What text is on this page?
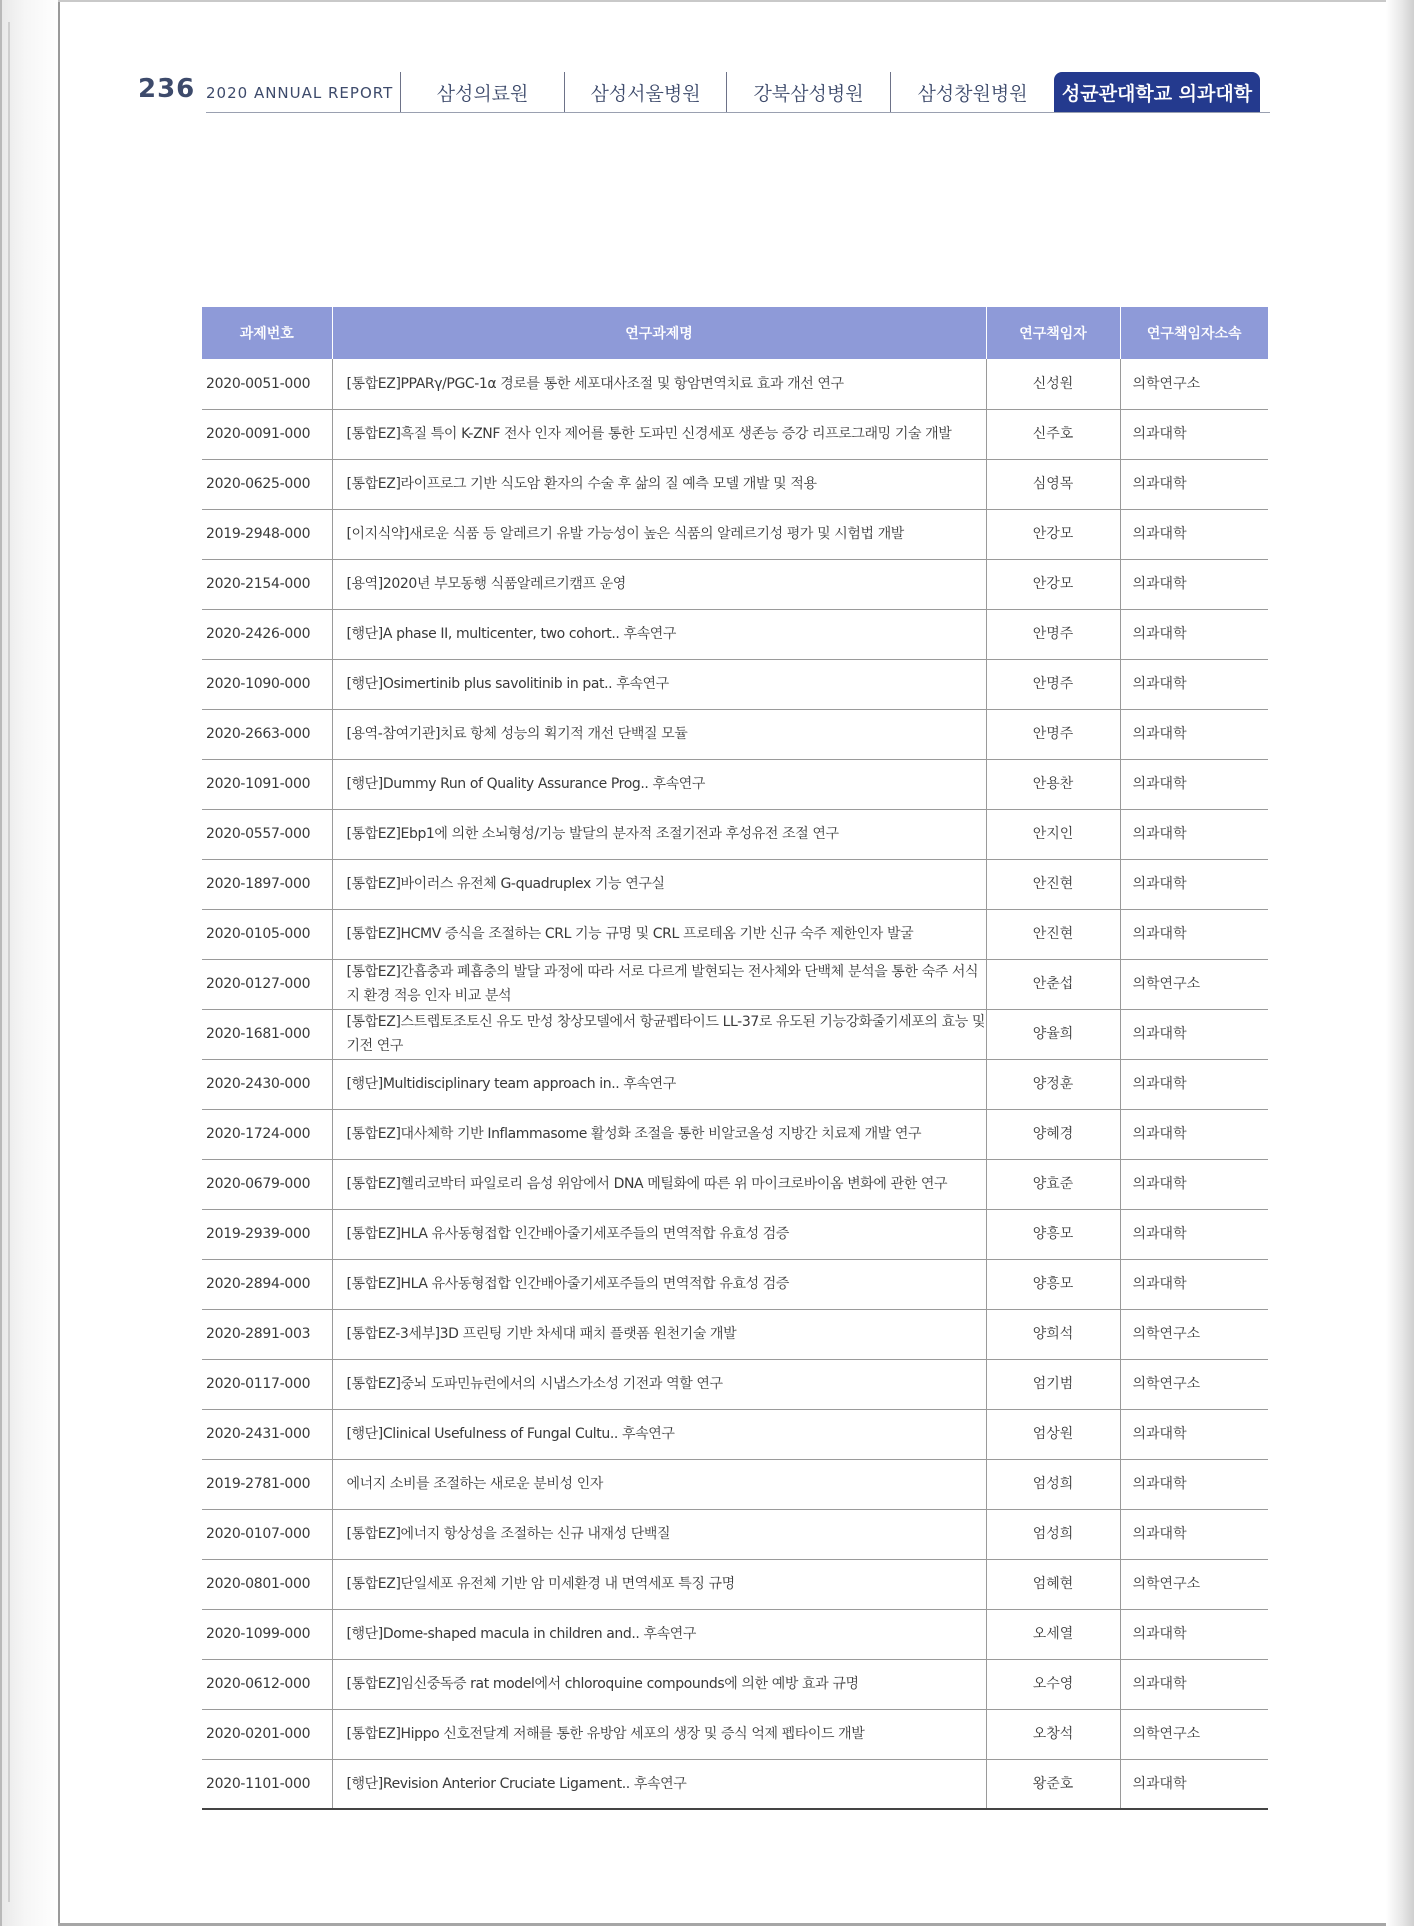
236 2020 ANNUAL REPORT	삼성의료원	삼성서울병원	강북삼성병원	삼성창원병원	성균관대학교 의과대학
과제번호	연구과제명	연구책임자	연구책임자소속
2020-0051-000	[통합EZ]PPARγ/PGC-1α 경로를 통한 세포대사조절 및 항암면역치료 효과 개선 연구	신성원	의학연구소
2020-0091-000	[통합EZ]흑질 특이 K-ZNF 전사 인자 제어를 통한 도파민 신경세포 생존능 증강 리프로그래밍 기술 개발	신주호	의과대학
2020-0625-000	[통합EZ]라이프로그 기반 식도암 환자의 수술 후 삶의 질 예측 모델 개발 및 적용	심영목	의과대학
2019-2948-000	[이지식약]새로운 식품 등 알레르기 유발 가능성이 높은 식품의 알레르기성 평가 및 시험법 개발	안강모	의과대학
2020-2154-000	[용역]2020년 부모동행 식품알레르기캠프 운영	안강모	의과대학
2020-2426-000	[행단]A phase II, multicenter, two cohort.. 후속연구	안명주	의과대학
2020-1090-000	[행단]Osimertinib plus savolitinib in pat.. 후속연구	안명주	의과대학
2020-2663-000	[용역-참여기관]치료 항체 성능의 획기적 개선 단백질 모듈	안명주	의과대학
2020-1091-000	[행단]Dummy Run of Quality Assurance Prog.. 후속연구	안용찬	의과대학
2020-0557-000	[통합EZ]Ebp1에 의한 소뇌형성/기능 발달의 분자적 조절기전과 후성유전 조절 연구	안지인	의과대학
2020-1897-000	[통합EZ]바이러스 유전체 G-quadruplex 기능 연구실	안진현	의과대학
2020-0105-000	[통합EZ]HCMV 증식을 조절하는 CRL 기능 규명 및 CRL 프로테옴 기반 신규 숙주 제한인자 발굴	안진현	의과대학
2020-0127-000	[통합EZ]간흡충과 폐흡충의 발달 과정에 따라 서로 다르게 발현되는 전사체와 단백체 분석을 통한 숙주 서식지 환경 적응 인자 비교 분석	안춘섭	의학연구소
2020-1681-000	[통합EZ]스트렙토조토신 유도 만성 창상모델에서 항균펩타이드 LL-37로 유도된 기능강화줄기세포의 효능 및 기전 연구	양율희	의과대학
2020-2430-000	[행단]Multidisciplinary team approach in.. 후속연구	양정훈	의과대학
2020-1724-000	[통합EZ]대사체학 기반 Inflammasome 활성화 조절을 통한 비알코올성 지방간 치료제 개발 연구	양혜경	의과대학
2020-0679-000	[통합EZ]헬리코박터 파일로리 음성 위암에서 DNA 메틸화에 따른 위 마이크로바이옴 변화에 관한 연구	양효준	의과대학
2019-2939-000	[통합EZ]HLA 유사동형접합 인간배아줄기세포주들의 면역적합 유효성 검증	양흥모	의과대학
2020-2894-000	[통합EZ]HLA 유사동형접합 인간배아줄기세포주들의 면역적합 유효성 검증	양흥모	의과대학
2020-2891-003	[통합EZ-3세부]3D 프린팅 기반 차세대 패치 플랫폼 원천기술 개발	양희석	의학연구소
2020-0117-000	[통합EZ]중뇌 도파민뉴런에서의 시냅스가소성 기전과 역할 연구	엄기범	의학연구소
2020-2431-000	[행단]Clinical Usefulness of Fungal Cultu.. 후속연구	엄상원	의과대학
2019-2781-000	에너지 소비를 조절하는 새로운 분비성 인자	엄성희	의과대학
2020-0107-000	[통합EZ]에너지 항상성을 조절하는 신규 내재성 단백질	엄성희	의과대학
2020-0801-000	[통합EZ]단일세포 유전체 기반 암 미세환경 내 면역세포 특징 규명	엄혜현	의학연구소
2020-1099-000	[행단]Dome-shaped macula in children and.. 후속연구	오세열	의과대학
2020-0612-000	[통합EZ]임신중독증 rat model에서 chloroquine compounds에 의한 예방 효과 규명	오수영	의과대학
2020-0201-000	[통합EZ]Hippo 신호전달계 저해를 통한 유방암 세포의 생장 및 증식 억제 펩타이드 개발	오창석	의학연구소
2020-1101-000	[행단]Revision Anterior Cruciate Ligament.. 후속연구	왕준호	의과대학
